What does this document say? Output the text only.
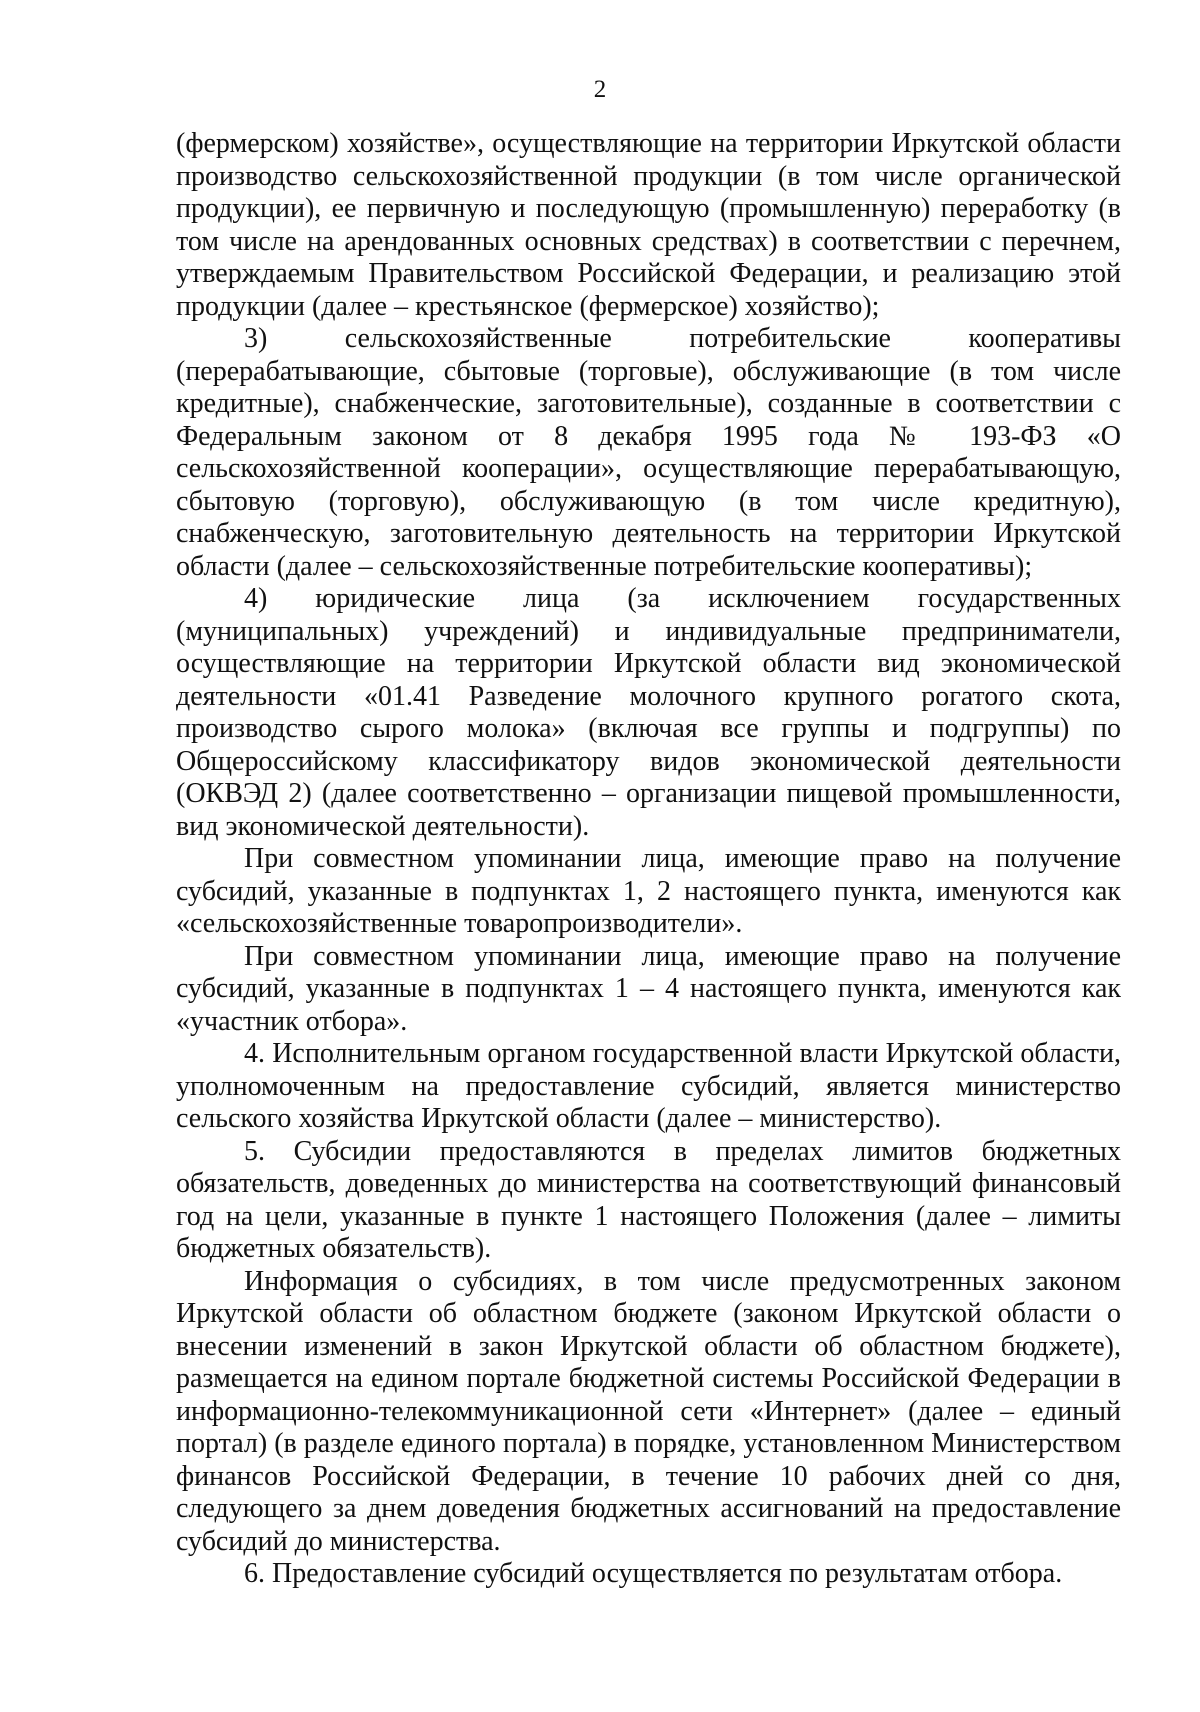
2

(фермерском) хозяйстве», осуществляющие на территории Иркутской области производство сельскохозяйственной продукции (в том числе органической продукции), ее первичную и последующую (промышленную) переработку (в том числе на арендованных основных средствах) в соответствии с перечнем, утверждаемым Правительством Российской Федерации, и реализацию этой продукции (далее – крестьянское (фермерское) хозяйство);

3) сельскохозяйственные потребительские кооперативы (перерабатывающие, сбытовые (торговые), обслуживающие (в том числе кредитные), снабженческие, заготовительные), созданные в соответствии с Федеральным законом от 8 декабря 1995 года № 193-ФЗ «О сельскохозяйственной кооперации», осуществляющие перерабатывающую, сбытовую (торговую), обслуживающую (в том числе кредитную), снабженческую, заготовительную деятельность на территории Иркутской области (далее – сельскохозяйственные потребительские кооперативы);

4) юридические лица (за исключением государственных (муниципальных) учреждений) и индивидуальные предприниматели, осуществляющие на территории Иркутской области вид экономической деятельности «01.41 Разведение молочного крупного рогатого скота, производство сырого молока» (включая все группы и подгруппы) по Общероссийскому классификатору видов экономической деятельности (ОКВЭД 2) (далее соответственно – организации пищевой промышленности, вид экономической деятельности).

При совместном упоминании лица, имеющие право на получение субсидий, указанные в подпунктах 1, 2 настоящего пункта, именуются как «сельскохозяйственные товаропроизводители».

При совместном упоминании лица, имеющие право на получение субсидий, указанные в подпунктах 1 – 4 настоящего пункта, именуются как «участник отбора».

4. Исполнительным органом государственной власти Иркутской области, уполномоченным на предоставление субсидий, является министерство сельского хозяйства Иркутской области (далее – министерство).

5. Субсидии предоставляются в пределах лимитов бюджетных обязательств, доведенных до министерства на соответствующий финансовый год на цели, указанные в пункте 1 настоящего Положения (далее – лимиты бюджетных обязательств).

Информация о субсидиях, в том числе предусмотренных законом Иркутской области об областном бюджете (законом Иркутской области о внесении изменений в закон Иркутской области об областном бюджете), размещается на едином портале бюджетной системы Российской Федерации в информационно-телекоммуникационной сети «Интернет» (далее – единый портал) (в разделе единого портала) в порядке, установленном Министерством финансов Российской Федерации, в течение 10 рабочих дней со дня, следующего за днем доведения бюджетных ассигнований на предоставление субсидий до министерства.

6. Предоставление субсидий осуществляется по результатам отбора.
